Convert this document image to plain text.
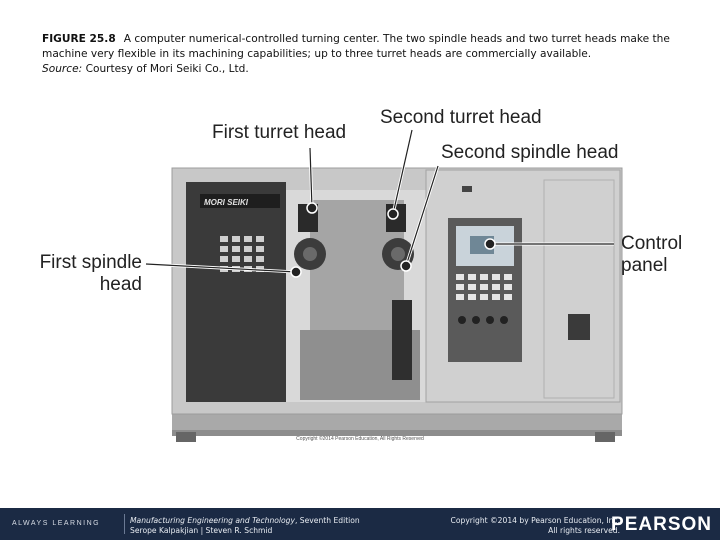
FIGURE 25.8 A computer numerical-controlled turning center. The two spindle heads and two turret heads make the machine very flexible in its machining capabilities; up to three turret heads are commercially available.
Source: Courtesy of Mori Seiki Co., Ltd.
MORI SEIKI
First turret head
Second turret head
Second spindle head
First spindle
head
Control
panel
Copyright ©2014 Pearson Education, All Rights Reserved
ALWAYS LEARNING	Manufacturing Engineering and Technology, Seventh Edition
Serope Kalpakjian | Steven R. Schmid
Copyright ©2014 by Pearson Education, Inc.
All rights reserved.
PEARSON
